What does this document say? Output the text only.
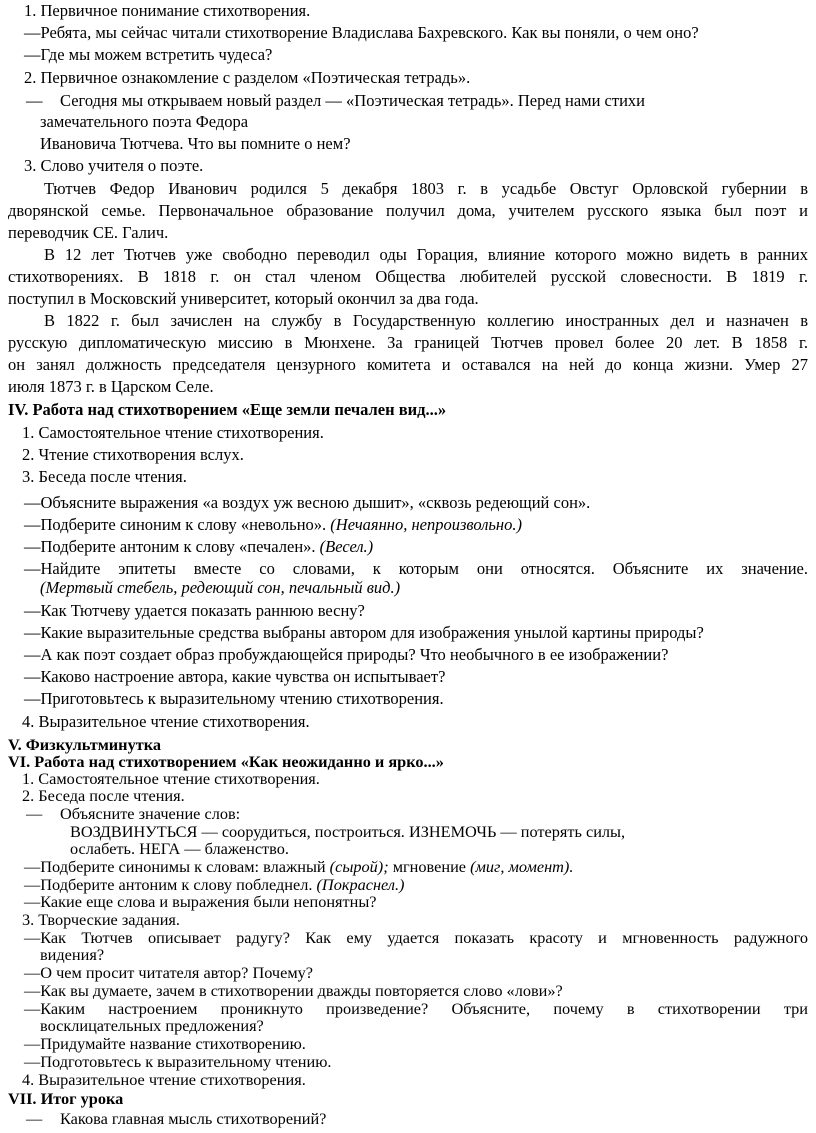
1. Первичное понимание стихотворения.
—Ребята, мы сейчас читали стихотворение Владислава Бахревского. Как вы поняли, о чем оно?
—Где мы можем встретить чудеса?
2. Первичное ознакомление с разделом «Поэтическая тетрадь».
— Сегодня мы открываем новый раздел — «Поэтическая тетрадь». Перед нами стихи
замечательного поэта Федора
Ивановича Тютчева. Что вы помните о нем?
3. Слово учителя о поэте.
Тютчев Федор Иванович родился 5 декабря 1803 г. в усадьбе Овстуг Орловской губернии в
дворянской семье. Первоначальное образование получил дома, учителем русского языка был поэт и
переводчик СЕ. Галич.
В 12 лет Тютчев уже свободно переводил оды Горация, влияние которого можно видеть в ранних
стихотворениях. В 1818 г. он стал членом Общества любителей русской словесности. В 1819 г.
поступил в Московский университет, который окончил за два года.
В 1822 г. был зачислен на службу в Государственную коллегию иностранных дел и назначен в
русскую дипломатическую миссию в Мюнхене. За границей Тютчев провел более 20 лет. В 1858 г.
он занял должность председателя цензурного комитета и оставался на ней до конца жизни. Умер 27
июля 1873 г. в Царском Селе.
IV. Работа над стихотворением «Еще земли печален вид...»
1. Самостоятельное чтение стихотворения.
2. Чтение стихотворения вслух.
3. Беседа после чтения.
—Объясните выражения «а воздух уж весною дышит», «сквозь редеющий сон».
—Подберите синоним к слову «невольно». (Нечаянно, непроизвольно.)
—Подберите антоним к слову «печален». (Весел.)
—Найдите эпитеты вместе со словами, к которым они относятся. Объясните их значение.
(Мертвый стебель, редеющий сон, печальный вид.)
—Как Тютчеву удается показать раннюю весну?
—Какие выразительные средства выбраны автором для изображения унылой картины природы?
—А как поэт создает образ пробуждающейся природы? Что необычного в ее изображении?
—Каково настроение автора, какие чувства он испытывает?
—Приготовьтесь к выразительному чтению стихотворения.
4. Выразительное чтение стихотворения.
V. Физкультминутка
VI. Работа над стихотворением «Как неожиданно и ярко...»
1. Самостоятельное чтение стихотворения.
2. Беседа после чтения.
— Объясните значение слов:
ВОЗДВИНУТЬСЯ — соорудиться, построиться. ИЗНЕМОЧЬ — потерять силы,
ослабеть. НЕГА — блаженство.
—Подберите синонимы к словам: влажный (сырой); мгновение (миг, момент).
—Подберите антоним к слову побледнел. (Покраснел.)
—Какие еще слова и выражения были непонятны?
3. Творческие задания.
—Как Тютчев описывает радугу? Как ему удается показать красоту и мгновенность радужного
видения?
—О чем просит читателя автор? Почему?
—Как вы думаете, зачем в стихотворении дважды повторяется слово «лови»?
—Каким настроением проникнуто произведение? Объясните, почему в стихотворении три
восклицательных предложения?
—Придумайте название стихотворению.
—Подготовьтесь к выразительному чтению.
4. Выразительное чтение стихотворения.
VII. Итог урока
— Какова главная мысль стихотворений?
